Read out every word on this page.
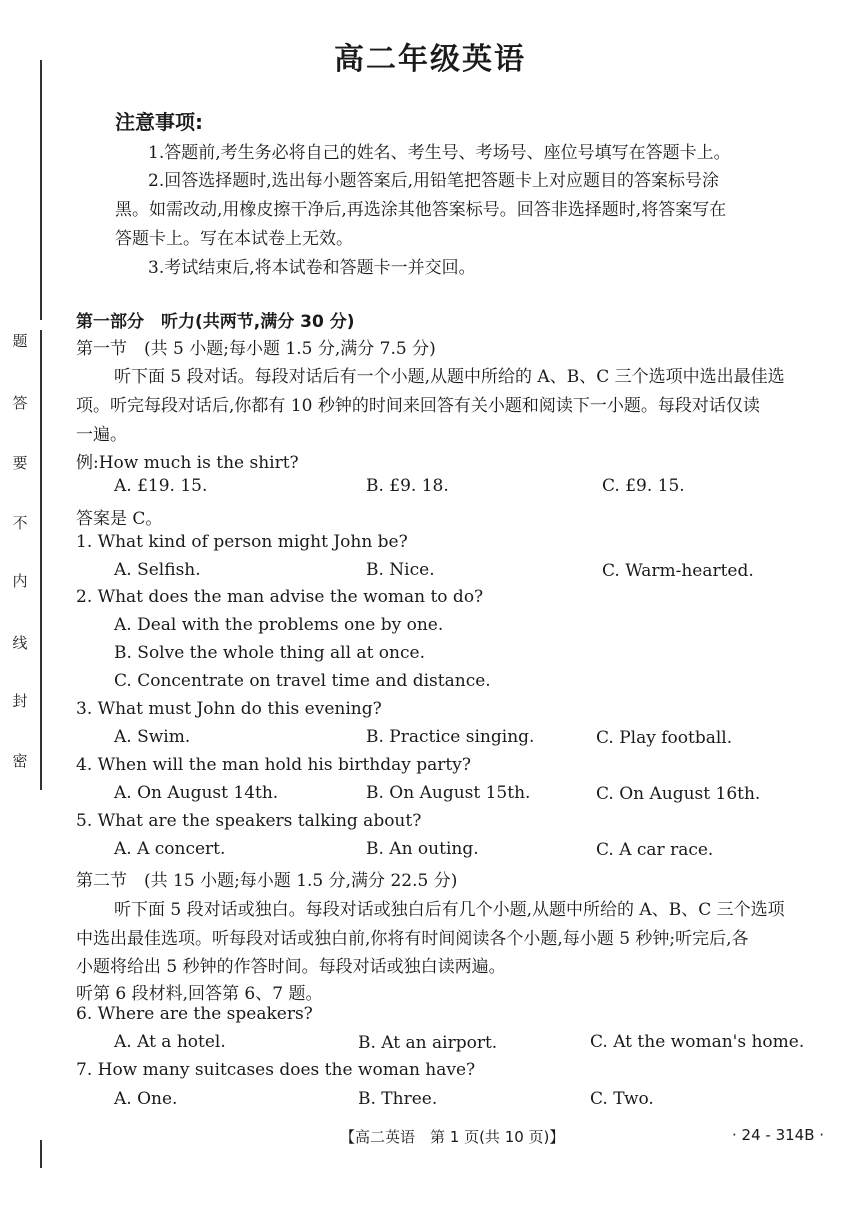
题
答
要
不
内
线
封
密
高二年级英语
注意事项:
1.答题前,考生务必将自己的姓名、考生号、考场号、座位号填写在答题卡上。
2.回答选择题时,选出每小题答案后,用铅笔把答题卡上对应题目的答案标号涂
黑。如需改动,用橡皮擦干净后,再选涂其他答案标号。回答非选择题时,将答案写在
答题卡上。写在本试卷上无效。
3.考试结束后,将本试卷和答题卡一并交回。
第一部分　听力(共两节,满分 30 分)
第一节　(共 5 小题;每小题 1.5 分,满分 7.5 分)
听下面 5 段对话。每段对话后有一个小题,从题中所给的 A、B、C 三个选项中选出最佳选
项。听完每段对话后,你都有 10 秒钟的时间来回答有关小题和阅读下一小题。每段对话仅读
一遍。
例:How much is the shirt?
A. £19. 15.	B. £9. 18.	C. £9. 15.
答案是 C。
1. What kind of person might John be?
A. Selfish.	B. Nice.	C. Warm-hearted.
2. What does the man advise the woman to do?
A. Deal with the problems one by one.
B. Solve the whole thing all at once.
C. Concentrate on travel time and distance.
3. What must John do this evening?
A. Swim.	B. Practice singing.	C. Play football.
4. When will the man hold his birthday party?
A. On August 14th.	B. On August 15th.	C. On August 16th.
5. What are the speakers talking about?
A. A concert.	B. An outing.	C. A car race.
第二节　(共 15 小题;每小题 1.5 分,满分 22.5 分)
听下面 5 段对话或独白。每段对话或独白后有几个小题,从题中所给的 A、B、C 三个选项
中选出最佳选项。听每段对话或独白前,你将有时间阅读各个小题,每小题 5 秒钟;听完后,各
小题将给出 5 秒钟的作答时间。每段对话或独白读两遍。
听第 6 段材料,回答第 6、7 题。
6. Where are the speakers?
A. At a hotel.	B. At an airport.	C. At the woman's home.
7. How many suitcases does the woman have?
A. One.	B. Three.	C. Two.
【高二英语　第 1 页(共 10 页)】	· 24 - 314B ·
